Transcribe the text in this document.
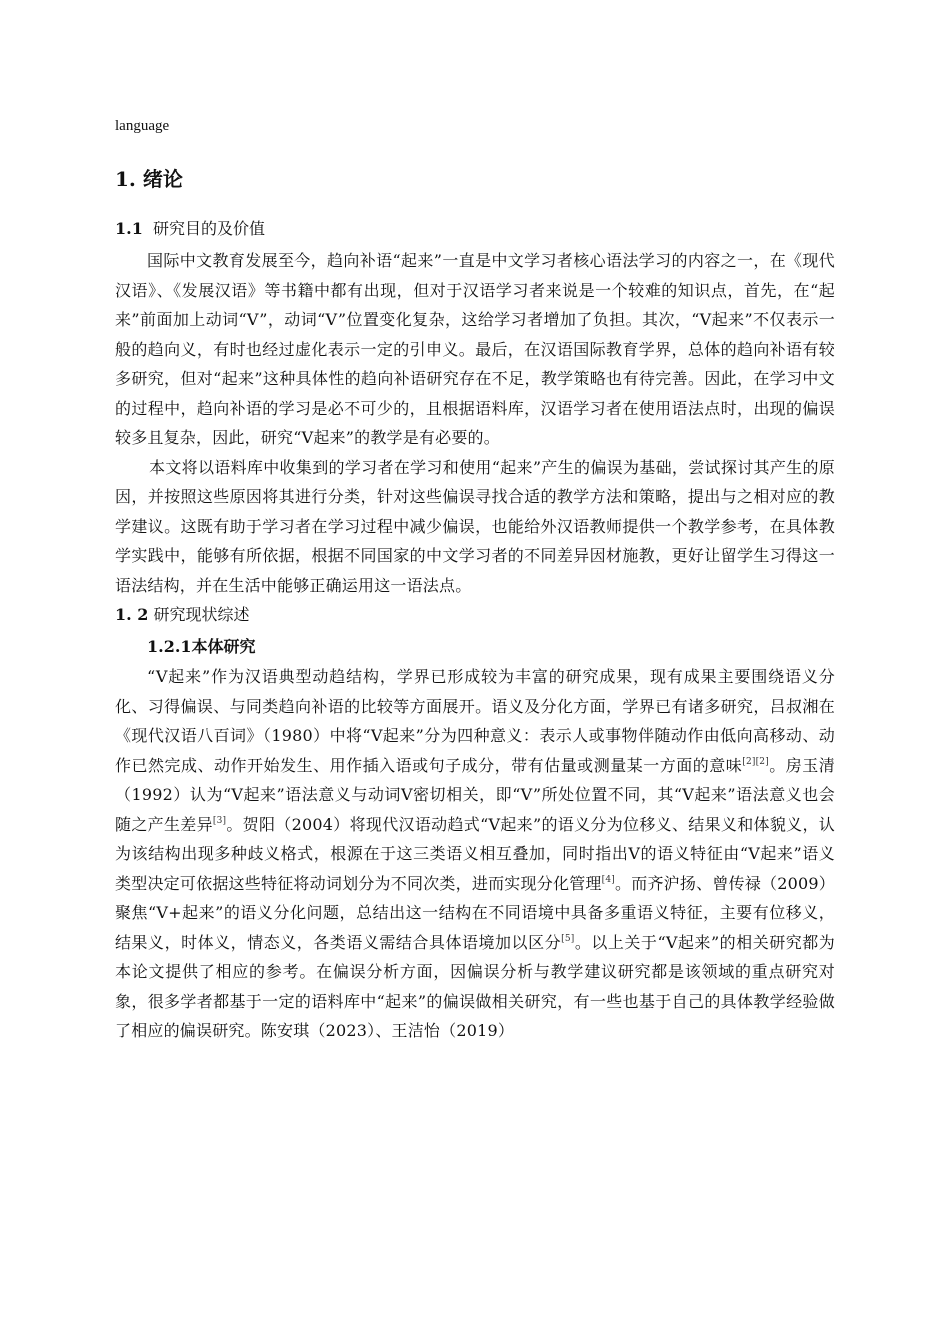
language

1. 绪论

1.1 研究目的及价值

国际中文教育发展至今，趋向补语“起来”一直是中文学习者核心语法学习的内容之一，在《现代汉语》、《发展汉语》等书籍中都有出现，但对于汉语学习者来说是一个较难的知识点，首先，在“起来”前面加上动词“V”，动词“V”位置变化复杂，这给学习者增加了负担。其次，“V起来”不仅表示一般的趋向义，有时也经过虚化表示一定的引申义。最后，在汉语国际教育学界，总体的趋向补语有较多研究，但对“起来”这种具体性的趋向补语研究存在不足，教学策略也有待完善。因此，在学习中文的过程中，趋向补语的学习是必不可少的，且根据语料库，汉语学习者在使用语法点时，出现的偏误较多且复杂，因此，研究“V起来”的教学是有必要的。

本文将以语料库中收集到的学习者在学习和使用“起来”产生的偏误为基础，尝试探讨其产生的原因，并按照这些原因将其进行分类，针对这些偏误寻找合适的教学方法和策略，提出与之相对应的教学建议。这既有助于学习者在学习过程中减少偏误，也能给外汉语教师提供一个教学参考，在具体教学实践中，能够有所依据，根据不同国家的中文学习者的不同差异因材施教，更好让留学生习得这一语法结构，并在生活中能够正确运用这一语法点。

1. 2 研究现状综述

1.2.1本体研究

“V起来”作为汉语典型动趋结构，学界已形成较为丰富的研究成果，现有成果主要围绕语义分化、习得偏误、与同类趋向补语的比较等方面展开。语义及分化方面，学界已有诸多研究，吕叔湘在《现代汉语八百词》（1980）中将“V起来”分为四种意义：表示人或事物伴随动作由低向高移动、动作已然完成、动作开始发生、用作插入语或句子成分，带有估量或测量某一方面的意味[2][2]。房玉清（1992）认为“V起来”语法意义与动词V密切相关，即“V”所处位置不同，其“V起来”语法意义也会随之产生差异[3]。贺阳（2004）将现代汉语动趋式“V起来”的语义分为位移义、结果义和体貌义，认为该结构出现多种歧义格式，根源在于这三类语义相互叠加，同时指出V的语义特征由“V起来”语义类型决定可依据这些特征将动词划分为不同次类，进而实现分化管理[4]。而齐沪扬、曾传禄（2009）聚焦“V+起来”的语义分化问题，总结出这一结构在不同语境中具备多重语义特征，主要有位移义，结果义，时体义，情态义，各类语义需结合具体语境加以区分[5]。以上关于“V起来”的相关研究都为本论文提供了相应的参考。在偏误分析方面，因偏误分析与教学建议研究都是该领域的重点研究对象，很多学者都基于一定的语料库中“起来”的偏误做相关研究，有一些也基于自己的具体教学经验做了相应的偏误研究。陈安琪（2023）、王洁怡（2019）
